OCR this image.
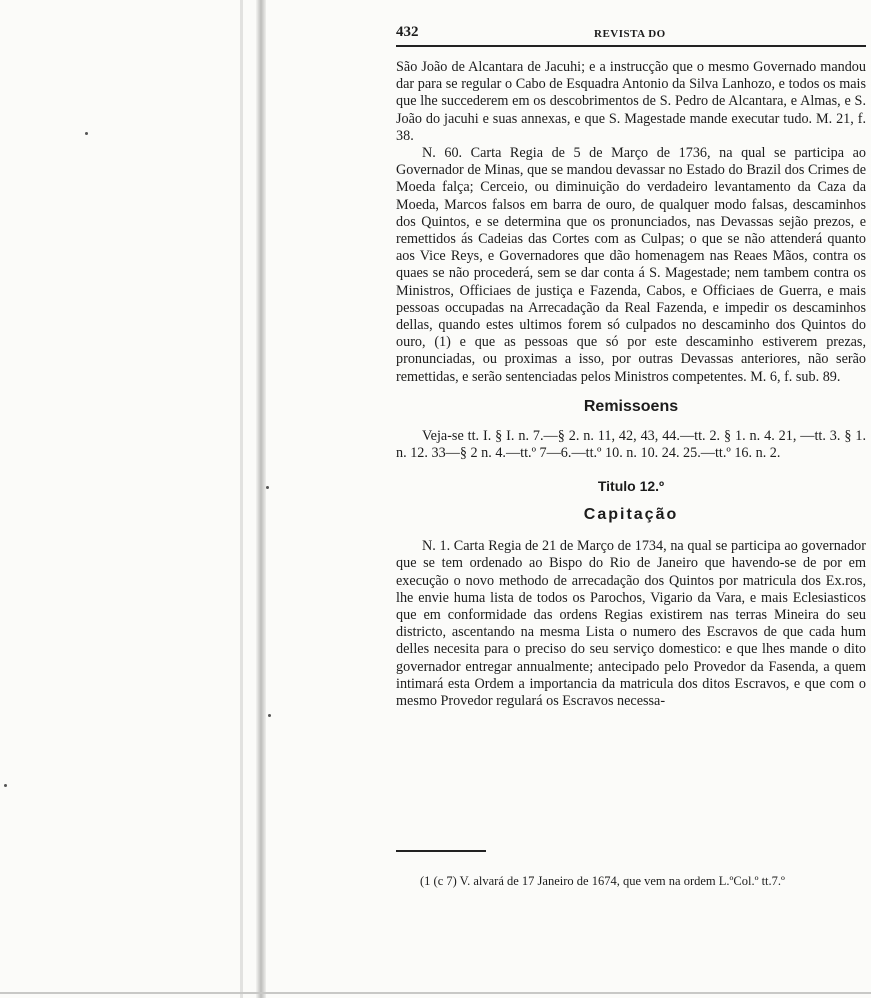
432	REVISTA DO

São João de Alcantara de Jacuhi; e a instrucção que o mesmo Governado mandou dar para se regular o Cabo de Esquadra Antonio da Silva Lanhozo, e todos os mais que lhe succederem em os descobrimentos de S. Pedro de Alcantara, e Almas, e S. João do jacuhi e suas annexas, e que S. Magestade mande executar tudo. M. 21, f. 38.

N. 60. Carta Regia de 5 de Março de 1736, na qual se participa ao Governador de Minas, que se mandou devassar no Estado do Brazil dos Crimes de Moeda falça; Cerceio, ou diminuição do verdadeiro levantamento da Caza da Moeda, Marcos falsos em barra de ouro, de qualquer modo falsas, descaminhos dos Quintos, e se determina que os pronunciados, nas Devassas sejão prezos, e remettidos ás Cadeias das Cortes com as Culpas; o que se não attenderá quanto aos Vice Reys, e Governadores que dão homenagem nas Reaes Mãos, contra os quaes se não procederá, sem se dar conta á S. Magestade; nem tambem contra os Ministros, Officiaes de justiça e Fazenda, Cabos, e Officiaes de Guerra, e mais pessoas occupadas na Arrecadação da Real Fazenda, e impedir os descaminhos dellas, quando estes ultimos forem só culpados no descaminho dos Quintos do ouro, (1) e que as pessoas que só por este descaminho estiverem prezas, pronunciadas, ou proximas a isso, por outras Devassas anteriores, não serão remettidas, e serão sentenciadas pelos Ministros competentes. M. 6, f. sub. 89.

Remissoens

Veja-se tt. I. § I. n. 7.—§ 2. n. 11, 42, 43, 44.—tt. 2. § 1. n. 4. 21, —tt. 3. § 1. n. 12. 33—§ 2 n. 4.—tt.º 7—6.—tt.º 10. n. 10. 24. 25.—tt.º 16. n. 2.

Titulo 12.º
Capitação

N. 1. Carta Regia de 21 de Março de 1734, na qual se participa ao governador que se tem ordenado ao Bispo do Rio de Janeiro que havendo-se de por em execução o novo methodo de arrecadação dos Quintos por matricula dos Ex.ros, lhe envie huma lista de todos os Parochos, Vigario da Vara, e mais Eclesiasticos que em conformidade das ordens Regias existirem nas terras Mineira do seu districto, ascentando na mesma Lista o numero des Escravos de que cada hum delles necesita para o preciso do seu serviço domestico: e que lhes mande o dito governador entregar annualmente; antecipado pelo Provedor da Fasenda, a quem intimará esta Ordem a importancia da matricula dos ditos Escravos, e que com o mesmo Provedor regulará os Escravos necessa-

(1 (c 7) V. alvará de 17 Janeiro de 1674, que vem na ordem L.ºCol.º tt.7.º
